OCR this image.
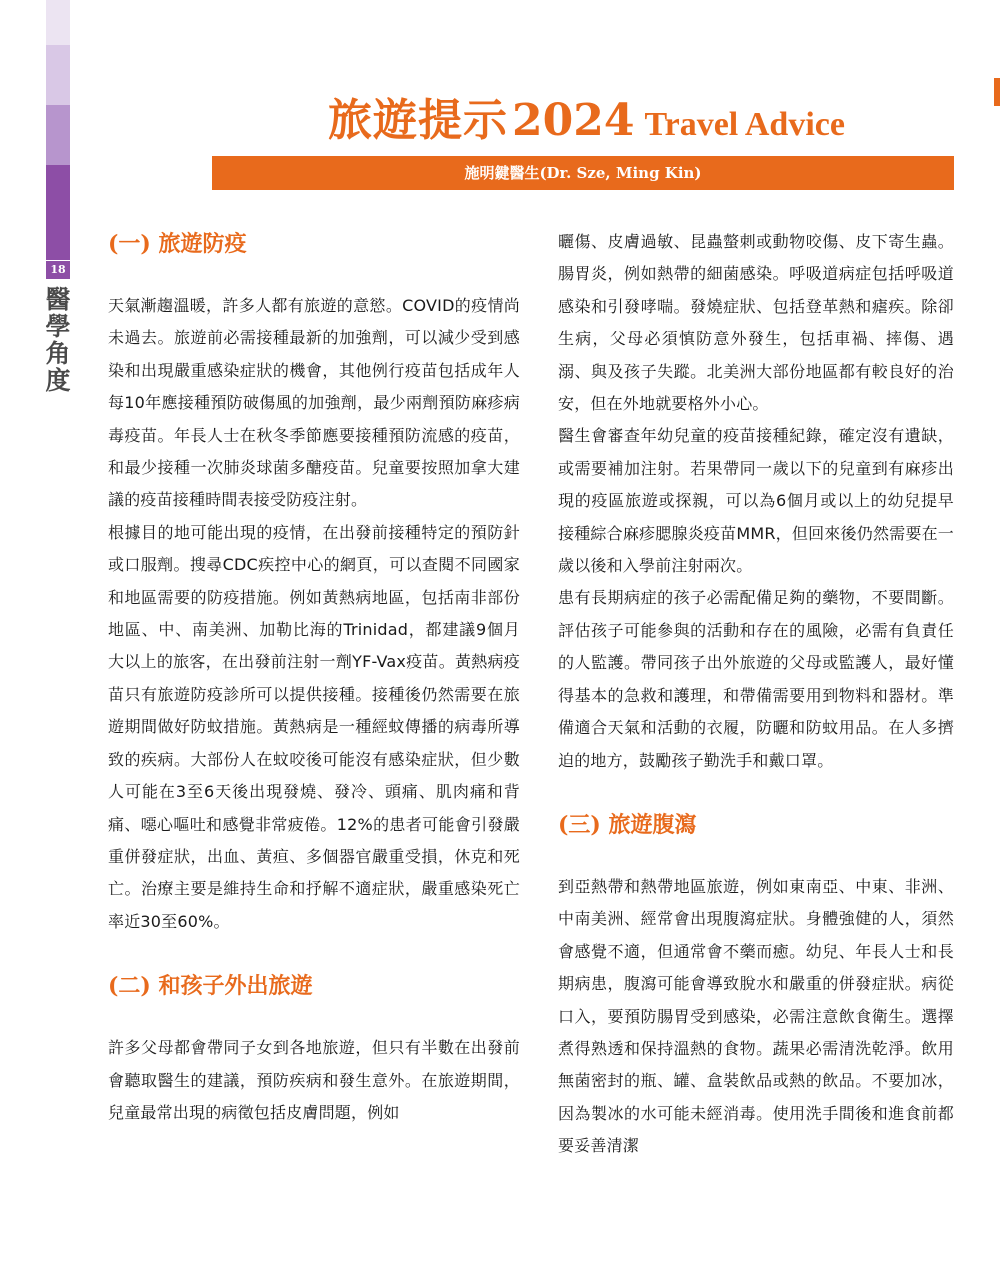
18
醫學角度
旅遊提示2024 Travel Advice
施明鍵醫生(Dr. Sze, Ming Kin)
(一) 旅遊防疫

天氣漸趨溫暖，許多人都有旅遊的意慾。COVID的疫情尚未過去。旅遊前必需接種最新的加強劑，可以減少受到感染和出現嚴重感染症狀的機會，其他例行疫苗包括成年人每10年應接種預防破傷風的加強劑，最少兩劑預防麻疹病毒疫苗。年長人士在秋冬季節應要接種預防流感的疫苗，和最少接種一次肺炎球菌多醣疫苗。兒童要按照加拿大建議的疫苗接種時間表接受防疫注射。

根據目的地可能出現的疫情，在出發前接種特定的預防針或口服劑。搜尋CDC疾控中心的網頁，可以查閱不同國家和地區需要的防疫措施。例如黃熱病地區，包括南非部份地區、中、南美洲、加勒比海的Trinidad，都建議9個月大以上的旅客，在出發前注射一劑YF-Vax疫苗。黃熱病疫苗只有旅遊防疫診所可以提供接種。接種後仍然需要在旅遊期間做好防蚊措施。黃熱病是一種經蚊傳播的病毒所導致的疾病。大部份人在蚊咬後可能沒有感染症狀，但少數人可能在3至6天後出現發燒、發冷、頭痛、肌肉痛和背痛、噁心嘔吐和感覺非常疲倦。12%的患者可能會引發嚴重併發症狀，出血、黃疸、多個器官嚴重受損，休克和死亡。治療主要是維持生命和抒解不適症狀，嚴重感染死亡率近30至60%。

(二) 和孩子外出旅遊

許多父母都會帶同子女到各地旅遊，但只有半數在出發前會聽取醫生的建議，預防疾病和發生意外。在旅遊期間，兒童最常出現的病徵包括皮膚問題，例如

曬傷、皮膚過敏、昆蟲螫刺或動物咬傷、皮下寄生蟲。腸胃炎，例如熱帶的細菌感染。呼吸道病症包括呼吸道感染和引發哮喘。發燒症狀、包括登革熱和瘧疾。除卻生病，父母必須慎防意外發生，包括車禍、摔傷、遇溺、與及孩子失蹤。北美洲大部份地區都有較良好的治安，但在外地就要格外小心。

醫生會審查年幼兒童的疫苗接種紀錄，確定沒有遺缺，或需要補加注射。若果帶同一歲以下的兒童到有麻疹出現的疫區旅遊或探親，可以為6個月或以上的幼兒提早接種綜合麻疹腮腺炎疫苗MMR，但回來後仍然需要在一歲以後和入學前注射兩次。

患有長期病症的孩子必需配備足夠的藥物，不要間斷。評估孩子可能參與的活動和存在的風險，必需有負責任的人監護。帶同孩子出外旅遊的父母或監護人，最好懂得基本的急救和護理，和帶備需要用到物料和器材。準備適合天氣和活動的衣履，防曬和防蚊用品。在人多擠迫的地方，鼓勵孩子勤洗手和戴口罩。

(三) 旅遊腹瀉

到亞熱帶和熱帶地區旅遊，例如東南亞、中東、非洲、中南美洲、經常會出現腹瀉症狀。身體強健的人，須然會感覺不適，但通常會不藥而癒。幼兒、年長人士和長期病患，腹瀉可能會導致脫水和嚴重的併發症狀。病從口入，要預防腸胃受到感染，必需注意飲食衛生。選擇煮得熟透和保持溫熱的食物。蔬果必需清洗乾淨。飲用無菌密封的瓶、罐、盒裝飲品或熱的飲品。不要加冰，因為製冰的水可能未經消毒。使用洗手間後和進食前都要妥善清潔
